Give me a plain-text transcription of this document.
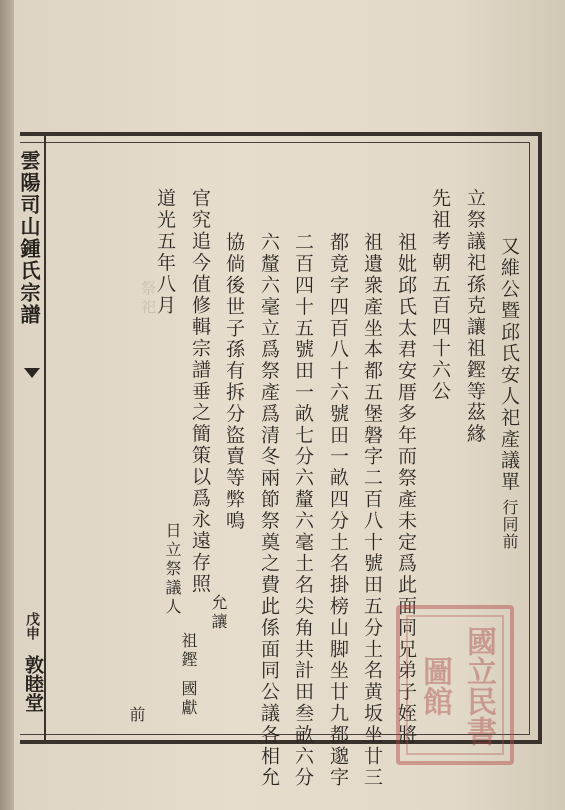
祭祀
雲陽司山鍾氏宗譜
戊申
敦睦堂
又維公暨邱氏安人祀產議單行同前
立祭議祀孫克讓祖鏗等茲緣
先祖考朝五百四十六公
祖妣邱氏太君安厝多年而祭產未定爲此面同兄弟子姪將
祖遺衆產坐本都五堡磐字二百八十號田五分土名黄坂坐廿三
都竟字四百八十六號田一畝四分土名掛榜山脚坐廿九都邈字
二百四十五號田一畝七分六釐六毫土名尖角共計田叁畝六分
六釐六毫立爲祭產爲清冬兩節祭奠之費此係面同公議各相允
協倘後世子孫有拆分盜賣等弊鳴
官究追今值修輯宗譜垂之簡策以爲永遠存照
道光五年八月
日立祭議人
祖鏗
前
允讓
國獻	國立民書圖館
